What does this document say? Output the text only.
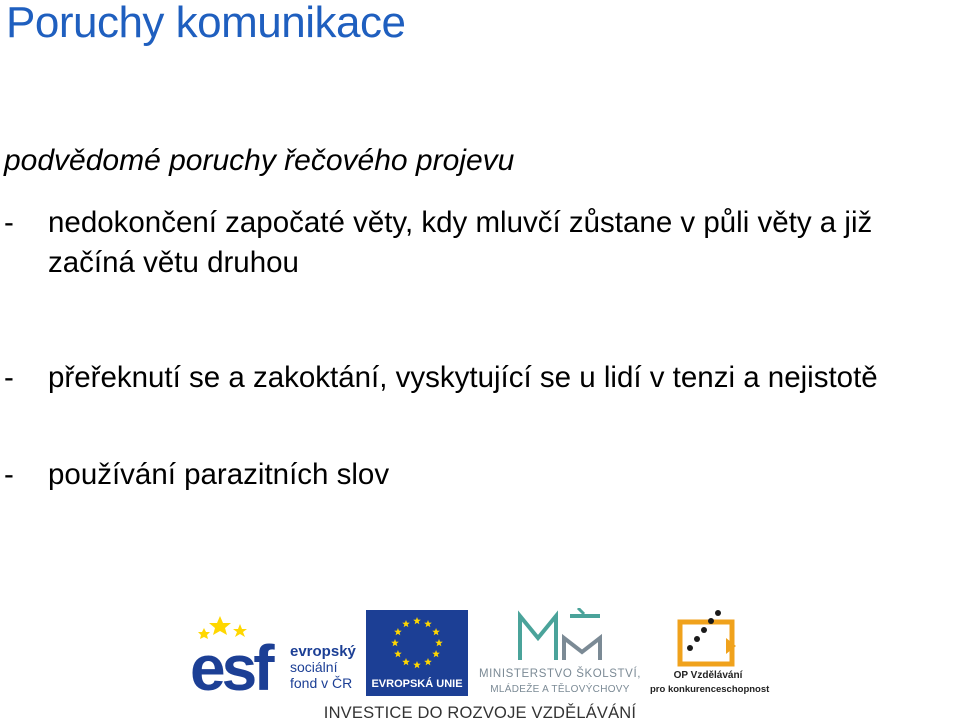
Poruchy komunikace
podvědomé poruchy řečového projevu
- nedokončení započaté věty, kdy mluvčí zůstane v půli věty a již začíná větu druhou
- přeřeknutí se a zakoktání, vyskytující se u lidí v tenzi a nejistotě
- používání parazitních slov
esf	evropský
sociální
fond v ČR	EVROPSKÁ UNIE
MINISTERSTVO ŠKOLSTVÍ,
MLÁDEŽE A TĚLOVÝCHOVY
OP Vzdělávání
pro konkurenceschopnost
INVESTICE DO ROZVOJE VZDĚLÁVÁNÍ
